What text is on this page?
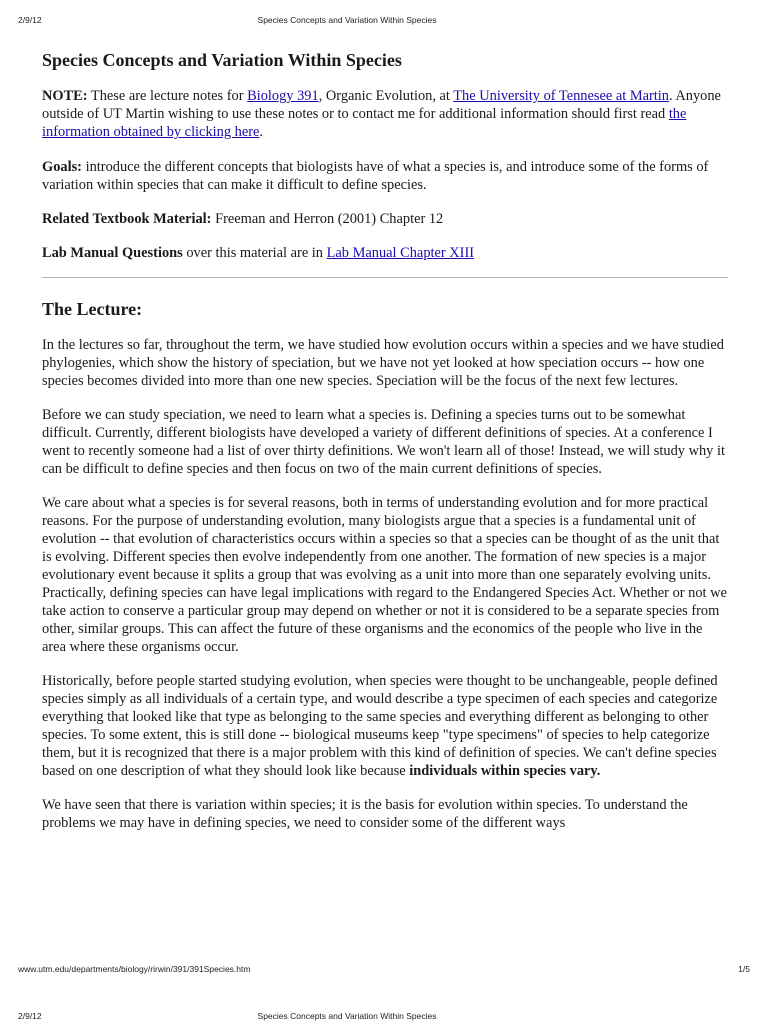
2/9/12	Species Concepts and Variation Within Species
Species Concepts and Variation Within Species

NOTE: These are lecture notes for Biology 391, Organic Evolution, at The University of Tennesee at Martin. Anyone outside of UT Martin wishing to use these notes or to contact me for additional information should first read the information obtained by clicking here.

Goals: introduce the different concepts that biologists have of what a species is, and introduce some of the forms of variation within species that can make it difficult to define species.

Related Textbook Material: Freeman and Herron (2001) Chapter 12

Lab Manual Questions over this material are in Lab Manual Chapter XIII

The Lecture:

In the lectures so far, throughout the term, we have studied how evolution occurs within a species and we have studied phylogenies, which show the history of speciation, but we have not yet looked at how speciation occurs -- how one species becomes divided into more than one new species. Speciation will be the focus of the next few lectures.

Before we can study speciation, we need to learn what a species is. Defining a species turns out to be somewhat difficult. Currently, different biologists have developed a variety of different definitions of species. At a conference I went to recently someone had a list of over thirty definitions. We won't learn all of those! Instead, we will study why it can be difficult to define species and then focus on two of the main current definitions of species.

We care about what a species is for several reasons, both in terms of understanding evolution and for more practical reasons. For the purpose of understanding evolution, many biologists argue that a species is a fundamental unit of evolution -- that evolution of characteristics occurs within a species so that a species can be thought of as the unit that is evolving. Different species then evolve independently from one another. The formation of new species is a major evolutionary event because it splits a group that was evolving as a unit into more than one separately evolving units. Practically, defining species can have legal implications with regard to the Endangered Species Act. Whether or not we take action to conserve a particular group may depend on whether or not it is considered to be a separate species from other, similar groups. This can affect the future of these organisms and the economics of the people who live in the area where these organisms occur.

Historically, before people started studying evolution, when species were thought to be unchangeable, people defined species simply as all individuals of a certain type, and would describe a type specimen of each species and categorize everything that looked like that type as belonging to the same species and everything different as belonging to other species. To some extent, this is still done -- biological museums keep "type specimens" of species to help categorize them, but it is recognized that there is a major problem with this kind of definition of species. We can't define species based on one description of what they should look like because individuals within species vary.

We have seen that there is variation within species; it is the basis for evolution within species. To understand the problems we may have in defining species, we need to consider some of the different ways

www.utm.edu/departments/biology/rirwin/391/391Species.htm	1/5
2/9/12	Species Concepts and Variation Within Species
